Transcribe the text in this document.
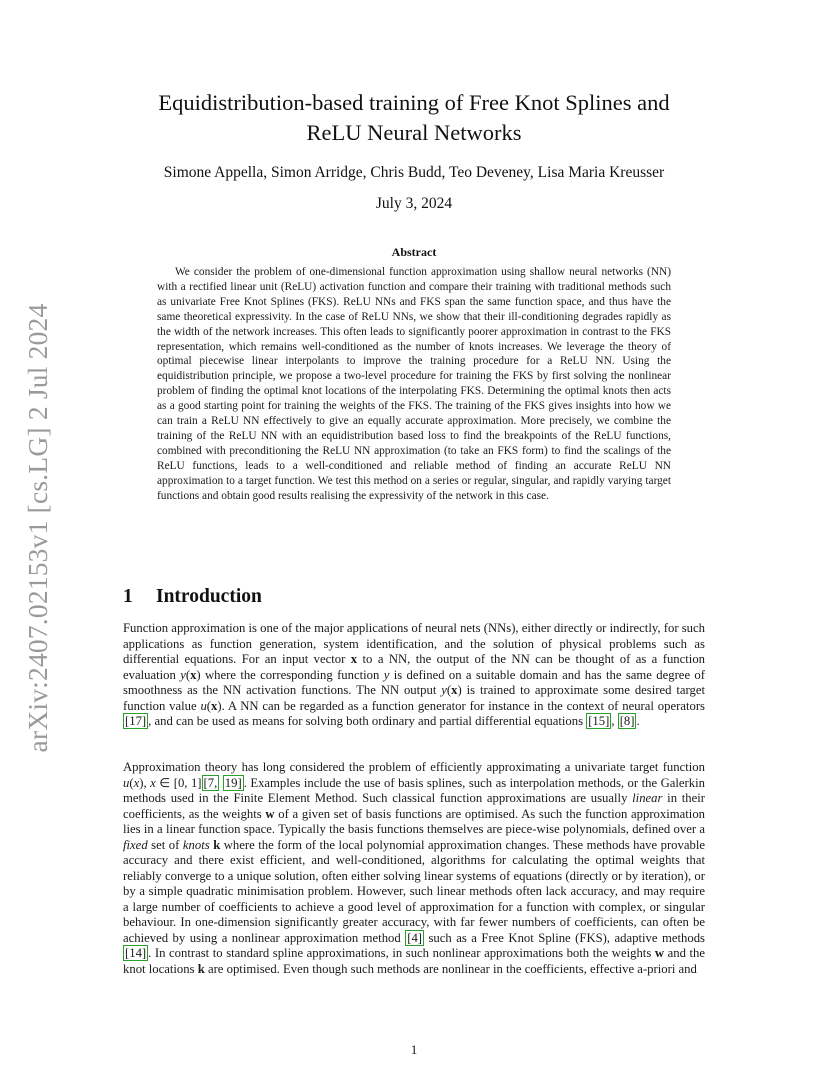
arXiv:2407.02153v1 [cs.LG] 2 Jul 2024
Equidistribution-based training of Free Knot Splines and
ReLU Neural Networks
Simone Appella, Simon Arridge, Chris Budd, Teo Deveney, Lisa Maria Kreusser
July 3, 2024
Abstract

We consider the problem of one-dimensional function approximation using shallow neural networks (NN) with a rectified linear unit (ReLU) activation function and compare their training with traditional methods such as univariate Free Knot Splines (FKS). ReLU NNs and FKS span the same function space, and thus have the same theoretical expressivity. In the case of ReLU NNs, we show that their ill-conditioning degrades rapidly as the width of the network increases. This often leads to significantly poorer approximation in contrast to the FKS representation, which remains well-conditioned as the number of knots increases. We leverage the theory of optimal piecewise linear interpolants to improve the training procedure for a ReLU NN. Using the equidistribution principle, we propose a two-level procedure for training the FKS by first solving the nonlinear problem of finding the optimal knot locations of the interpolating FKS. Determining the optimal knots then acts as a good starting point for training the weights of the FKS. The training of the FKS gives insights into how we can train a ReLU NN effectively to give an equally accurate approximation. More precisely, we combine the training of the ReLU NN with an equidistribution based loss to find the breakpoints of the ReLU functions, combined with preconditioning the ReLU NN approximation (to take an FKS form) to find the scalings of the ReLU functions, leads to a well-conditioned and reliable method of finding an accurate ReLU NN approximation to a target function. We test this method on a series or regular, singular, and rapidly varying target functions and obtain good results realising the expressivity of the network in this case.

1 Introduction

Function approximation is one of the major applications of neural nets (NNs), either directly or indirectly, for such applications as function generation, system identification, and the solution of physical problems such as differential equations. For an input vector x to a NN, the output of the NN can be thought of as a function evaluation y(x) where the corresponding function y is defined on a suitable domain and has the same degree of smoothness as the NN activation functions. The NN output y(x) is trained to approximate some desired target function value u(x). A NN can be regarded as a function generator for instance in the context of neural operators [17] , and can be used as means for solving both ordinary and partial differential equations [15] , [8] .

Approximation theory has long considered the problem of efficiently approximating a univariate target function u(x), x ∈ [0, 1] [7, 19] . Examples include the use of basis splines, such as interpolation methods, or the Galerkin methods used in the Finite Element Method. Such classical function approximations are usually linear in their coefficients, as the weights w of a given set of basis functions are optimised. As such the function approximation lies in a linear function space. Typically the basis functions themselves are piece-wise polynomials, defined over a fixed set of knots k where the form of the local polynomial approximation changes. These methods have provable accuracy and there exist efficient, and well-conditioned, algorithms for calculating the optimal weights that reliably converge to a unique solution, often either solving linear systems of equations (directly or by iteration), or by a simple quadratic minimisation problem. However, such linear methods often lack accuracy, and may require a large number of coefficients to achieve a good level of approximation for a function with complex, or singular behaviour. In one-dimension significantly greater accuracy, with far fewer numbers of coefficients, can often be achieved by using a nonlinear approximation method [4] such as a Free Knot Spline (FKS), adaptive methods [14] . In contrast to standard spline approximations, in such nonlinear approximations both the weights w and the knot locations k are optimised. Even though such methods are nonlinear in the coefficients, effective a-priori and

1
